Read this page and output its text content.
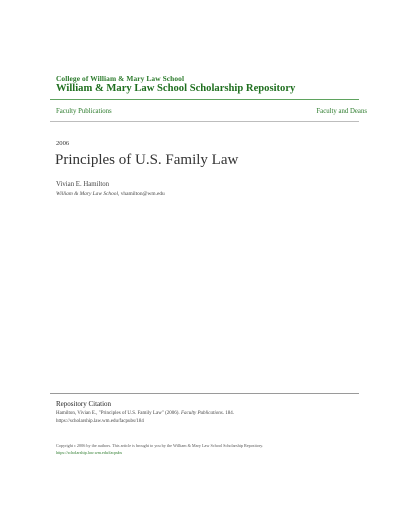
College of William & Mary Law School
William & Mary Law School Scholarship Repository
Faculty Publications	Faculty and Deans
2006
Principles of U.S. Family Law
Vivian E. Hamilton
William & Mary Law School, vhamilton@wm.edu
Repository Citation
Hamilton, Vivian E., "Principles of U.S. Family Law" (2006). Faculty Publications. 184.
https://scholarship.law.wm.edu/facpubs/184
Copyright c 2006 by the authors. This article is brought to you by the William & Mary Law School Scholarship Repository.
https://scholarship.law.wm.edu/facpubs
